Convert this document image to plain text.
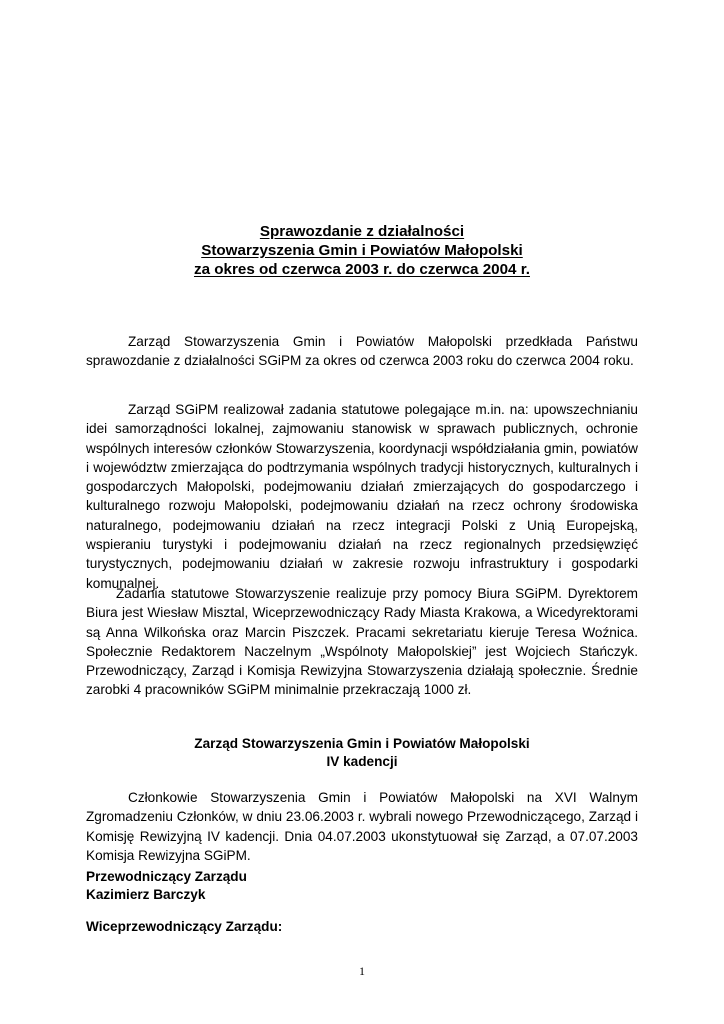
Sprawozdanie z działalności
Stowarzyszenia Gmin i Powiatów Małopolski
za okres od czerwca 2003 r. do czerwca 2004 r.

Zarząd Stowarzyszenia Gmin i Powiatów Małopolski przedkłada Państwu sprawozdanie z działalności SGiPM za okres od czerwca 2003 roku do czerwca 2004 roku.

Zarząd SGiPM realizował zadania statutowe polegające m.in. na: upowszechnianiu idei samorządności lokalnej, zajmowaniu stanowisk w sprawach publicznych, ochronie wspólnych interesów członków Stowarzyszenia, koordynacji współdziałania gmin, powiatów i województw zmierzająca do podtrzymania wspólnych tradycji historycznych, kulturalnych i gospodarczych Małopolski, podejmowaniu działań zmierzających do gospodarczego i kulturalnego rozwoju Małopolski, podejmowaniu działań na rzecz ochrony środowiska naturalnego, podejmowaniu działań na rzecz integracji Polski z Unią Europejską, wspieraniu turystyki i podejmowaniu działań na rzecz regionalnych przedsięwzięć turystycznych, podejmowaniu działań w zakresie rozwoju infrastruktury i gospodarki komunalnej.

Zadania statutowe Stowarzyszenie realizuje przy pomocy Biura SGiPM. Dyrektorem Biura jest Wiesław Misztal, Wiceprzewodniczący Rady Miasta Krakowa, a Wicedyrektorami są Anna Wilkońska oraz Marcin Piszczek. Pracami sekretariatu kieruje Teresa Woźnica. Społecznie Redaktorem Naczelnym „Wspólnoty Małopolskiej” jest Wojciech Stańczyk. Przewodniczący, Zarząd i Komisja Rewizyjna Stowarzyszenia działają społecznie. Średnie zarobki 4 pracowników SGiPM minimalnie przekraczają 1000 zł.

Zarząd Stowarzyszenia Gmin i Powiatów Małopolski
IV kadencji

Członkowie Stowarzyszenia Gmin i Powiatów Małopolski na XVI Walnym Zgromadzeniu Członków, w dniu 23.06.2003 r. wybrali nowego Przewodniczącego, Zarząd i Komisję Rewizyjną IV kadencji. Dnia 04.07.2003 ukonstytuował się Zarząd, a 07.07.2003 Komisja Rewizyjna SGiPM.

Przewodniczący Zarządu
Kazimierz Barczyk
Wiceprzewodniczący Zarządu:
1
